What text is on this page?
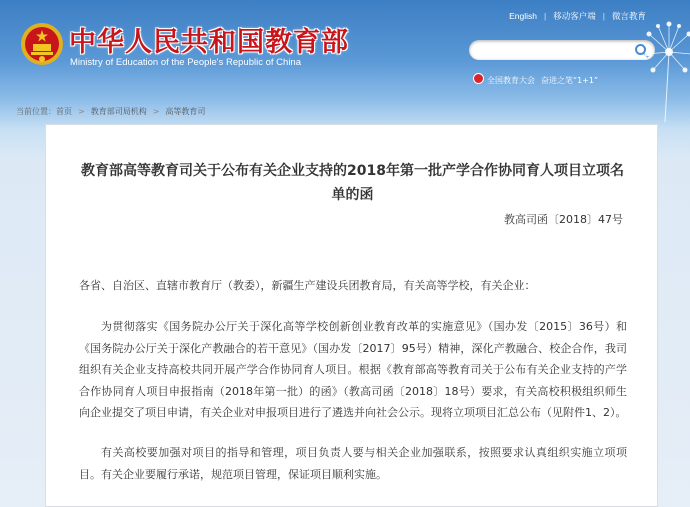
中华人民共和国教育部
Ministry of Education of the People's Republic of China
English | 移动客户端 | 微言教育
全国教育大会 奋进之笔“1+1”
当前位置：首页 > 教育部司局机构 > 高等教育司
教育部高等教育司关于公布有关企业支持的2018年第一批产学合作协同育人项目立项名单的函
教高司函〔2018〕47号
各省、自治区、直辖市教育厅（教委），新疆生产建设兵团教育局，有关高等学校，有关企业：
为贯彻落实《国务院办公厅关于深化高等学校创新创业教育改革的实施意见》（国办发〔2015〕36号）和《国务院办公厅关于深化产教融合的若干意见》（国办发〔2017〕95号）精神，深化产教融合、校企合作，我司组织有关企业支持高校共同开展产学合作协同育人项目。根据《教育部高等教育司关于公布有关企业支持的产学合作协同育人项目申报指南（2018年第一批）的函》（教高司函〔2018〕18号）要求，有关高校积极组织师生向企业提交了项目申请，有关企业对申报项目进行了遴选并向社会公示。现将立项项目汇总公布（见附件1、2）。
有关高校要加强对项目的指导和管理，项目负责人要与相关企业加强联系，按照要求认真组织实施立项项目。有关企业要履行承诺，规范项目管理，保证项目顺利实施。
